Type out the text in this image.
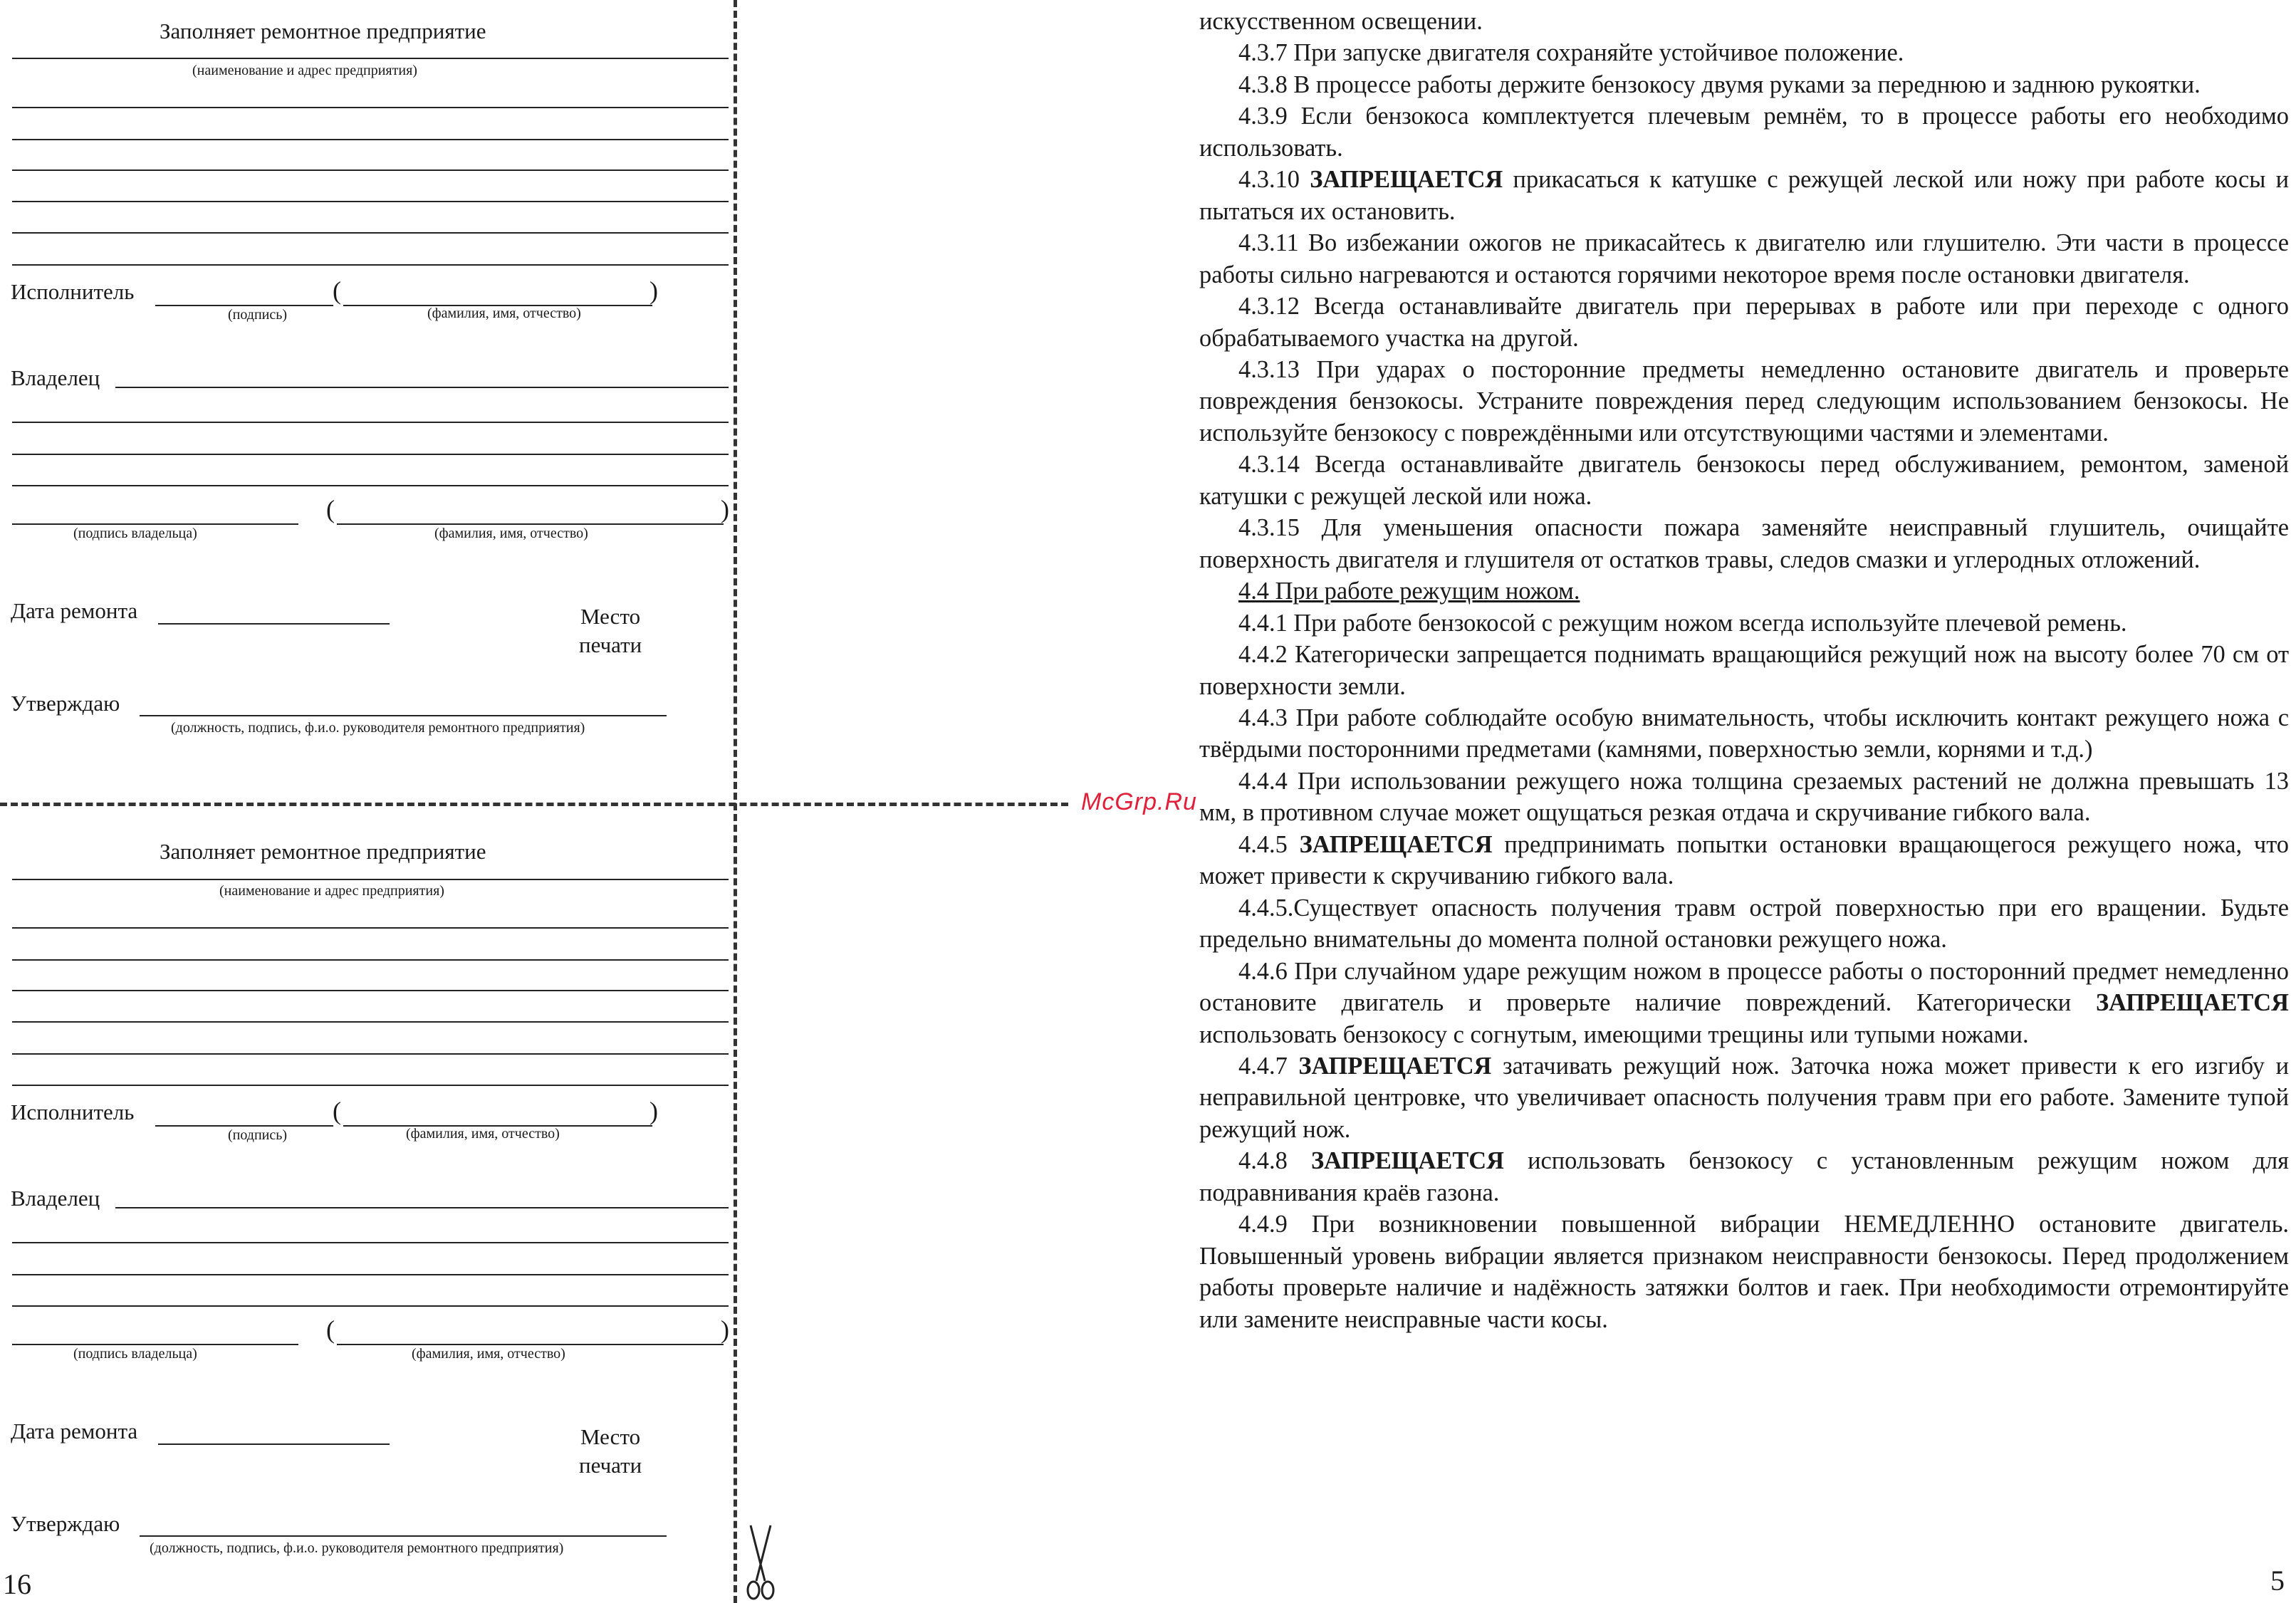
Заполняет ремонтное предприятие
(наименование и адрес предприятия)
Исполнитель	(	)
(подпись)	(фамилия, имя, отчество)
Владелец
(	)
(подпись владельца)	(фамилия, имя, отчество)
Дата ремонта	Место
печати
Утверждаю
(должность, подпись, ф.и.о. руководителя ремонтного предприятия)
Заполняет ремонтное предприятие
(наименование и адрес предприятия)
Исполнитель	(	)
(подпись)	(фамилия, имя, отчество)
Владелец
(	)
(подпись владельца)	(фамилия, имя, отчество)
Дата ремонта	Место
печати
Утверждаю
(должность, подпись, ф.и.о. руководителя ремонтного предприятия)
16
McGrp.Ru

искусственном освещении.

4.3.7 При запуске двигателя сохраняйте устойчивое положение.

4.3.8 В процессе работы держите бензокосу двумя руками за переднюю и заднюю рукоятки.

4.3.9 Если бензокоса комплектуется плечевым ремнём, то в процессе работы его необходимо использовать.

4.3.10 ЗАПРЕЩАЕТСЯ прикасаться к катушке с режущей леской или ножу при работе косы и пытаться их остановить.

4.3.11 Во избежании ожогов не прикасайтесь к двигателю или глушителю. Эти части в процессе работы сильно нагреваются и остаются горячими некоторое время после остановки двигателя.

4.3.12 Всегда останавливайте двигатель при перерывах в работе или при переходе с одного обрабатываемого участка на другой.

4.3.13 При ударах о посторонние предметы немедленно остановите двигатель и проверьте повреждения бензокосы. Устраните повреждения перед следующим использованием бензокосы. Не используйте бензокосу с повреждёнными или отсутствующими частями и элементами.

4.3.14 Всегда останавливайте двигатель бензокосы перед обслуживанием, ремонтом, заменой катушки с режущей леской или ножа.

4.3.15 Для уменьшения опасности пожара заменяйте неисправный глушитель, очищайте поверхность двигателя и глушителя от остатков травы, следов смазки и углеродных отложений.

4.4 При работе режущим ножом.

4.4.1 При работе бензокосой с режущим ножом всегда используйте плечевой ремень.

4.4.2 Категорически запрещается поднимать вращающийся режущий нож на высоту более 70 см от поверхности земли.

4.4.3 При работе соблюдайте особую внимательность, чтобы исключить контакт режущего ножа с твёрдыми посторонними предметами (камнями, поверхностью земли, корнями и т.д.)

4.4.4 При использовании режущего ножа толщина срезаемых растений не должна превышать 13 мм, в противном случае может ощущаться резкая отдача и скручивание гибкого вала.

4.4.5 ЗАПРЕЩАЕТСЯ предпринимать попытки остановки вращающегося режущего ножа, что может привести к скручиванию гибкого вала.

4.4.5.Существует опасность получения травм острой поверхностью при его вращении. Будьте предельно внимательны до момента полной остановки режущего ножа.

4.4.6 При случайном ударе режущим ножом в процессе работы о посторонний предмет немедленно остановите двигатель и проверьте наличие повреждений. Категорически ЗАПРЕЩАЕТСЯ использовать бензокосу с согнутым, имеющими трещины или тупыми ножами.

4.4.7 ЗАПРЕЩАЕТСЯ затачивать режущий нож. Заточка ножа может привести к его изгибу и неправильной центровке, что увеличивает опасность получения травм при его работе. Замените тупой режущий нож.

4.4.8 ЗАПРЕЩАЕТСЯ использовать бензокосу с установленным режущим ножом для подравнивания краёв газона.

4.4.9 При возникновении повышенной вибрации НЕМЕДЛЕННО остановите двигатель. Повышенный уровень вибрации является признаком неисправности бензокосы. Перед продолжением работы проверьте наличие и надёжность затяжки болтов и гаек. При необходимости отремонтируйте или замените неисправные части косы.

5
